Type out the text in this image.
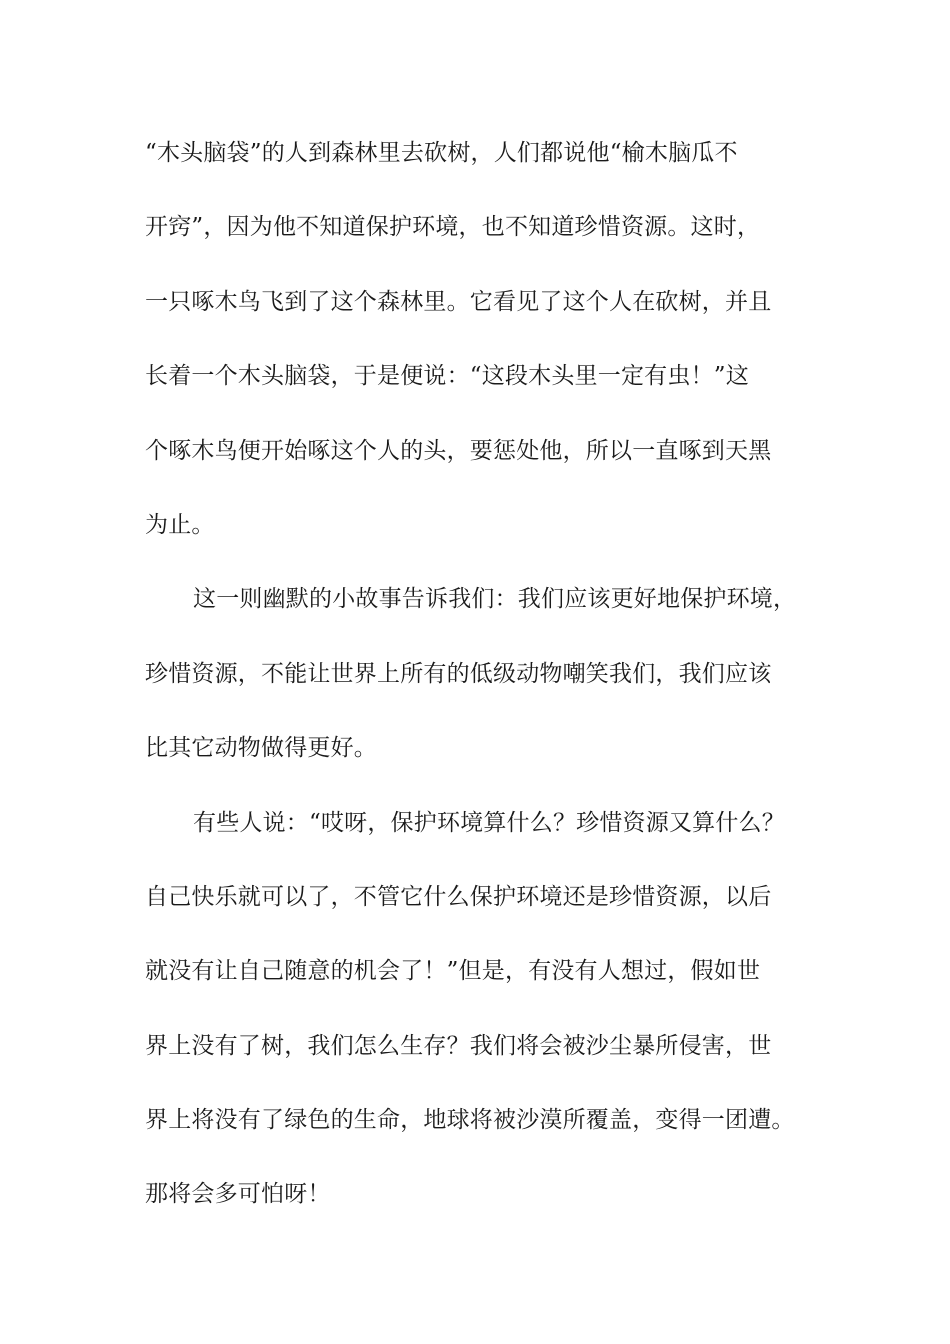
“木头脑袋”的人到森林里去砍树，人们都说他“榆木脑瓜不
开窍”，因为他不知道保护环境，也不知道珍惜资源。这时，
一只啄木鸟飞到了这个森林里。它看见了这个人在砍树，并且
长着一个木头脑袋，于是便说：“这段木头里一定有虫！”这
个啄木鸟便开始啄这个人的头，要惩处他，所以一直啄到天黑
为止。
这一则幽默的小故事告诉我们：我们应该更好地保护环境，
珍惜资源，不能让世界上所有的低级动物嘲笑我们，我们应该
比其它动物做得更好。
有些人说：“哎呀，保护环境算什么？珍惜资源又算什么？
自己快乐就可以了，不管它什么保护环境还是珍惜资源，以后
就没有让自己随意的机会了！”但是，有没有人想过，假如世
界上没有了树，我们怎么生存？我们将会被沙尘暴所侵害，世
界上将没有了绿色的生命，地球将被沙漠所覆盖，变得一团遭。
那将会多可怕呀！
